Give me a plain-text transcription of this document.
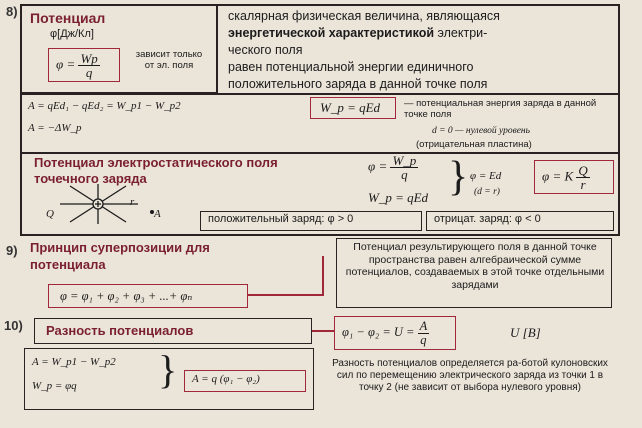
8) Потенциал
φ[Дж/Кл]
$\varphi = \frac{Wp}{q}$	зависит только от эл. поля
скалярная физическая величина, являющаяся
энергетической характеристикой электри-
ческого поля
равен потенциальной энергии единичного
положительного заряда в данной точке поля
A = qEd₁ − qEd₂ = W_p1 − W_p2
A = −ΔW_p
W_p = qEd	— потенциальная энергия заряда в данной точке поля
d = 0 — нулевой уровень
(отрицательная пластина)
Потенциал электростатического поля точечного заряда
Q
r
A
$\varphi = \frac{W\_p}{q}$
W_p = qEd } φ = Ed
(d = r)
φ = K $\frac{Q}{r}$
положительный заряд: φ > 0	отрицат. заряд: φ < 0
9) Принцип суперпозиции для потенциала
φ = φ₁ + φ₂ + φ₃ + ...+ φₙ
Потенциал результирующего поля в данной точке пространства равен алгебраической сумме потенциалов, создаваемых в этой точке отдельными зарядами
10) Разность потенциалов	$\varphi_1 - \varphi_2 = U = \frac{A}{q}$	U [В]
A = W_p1 − W_p2
W_p = φq } A = q (φ₁ − φ₂)
Разность потенциалов определяется ра-ботой кулоновских сил по перемещению электрического заряда из точки 1 в точку 2 (не зависит от выбора нулевого уровня)
